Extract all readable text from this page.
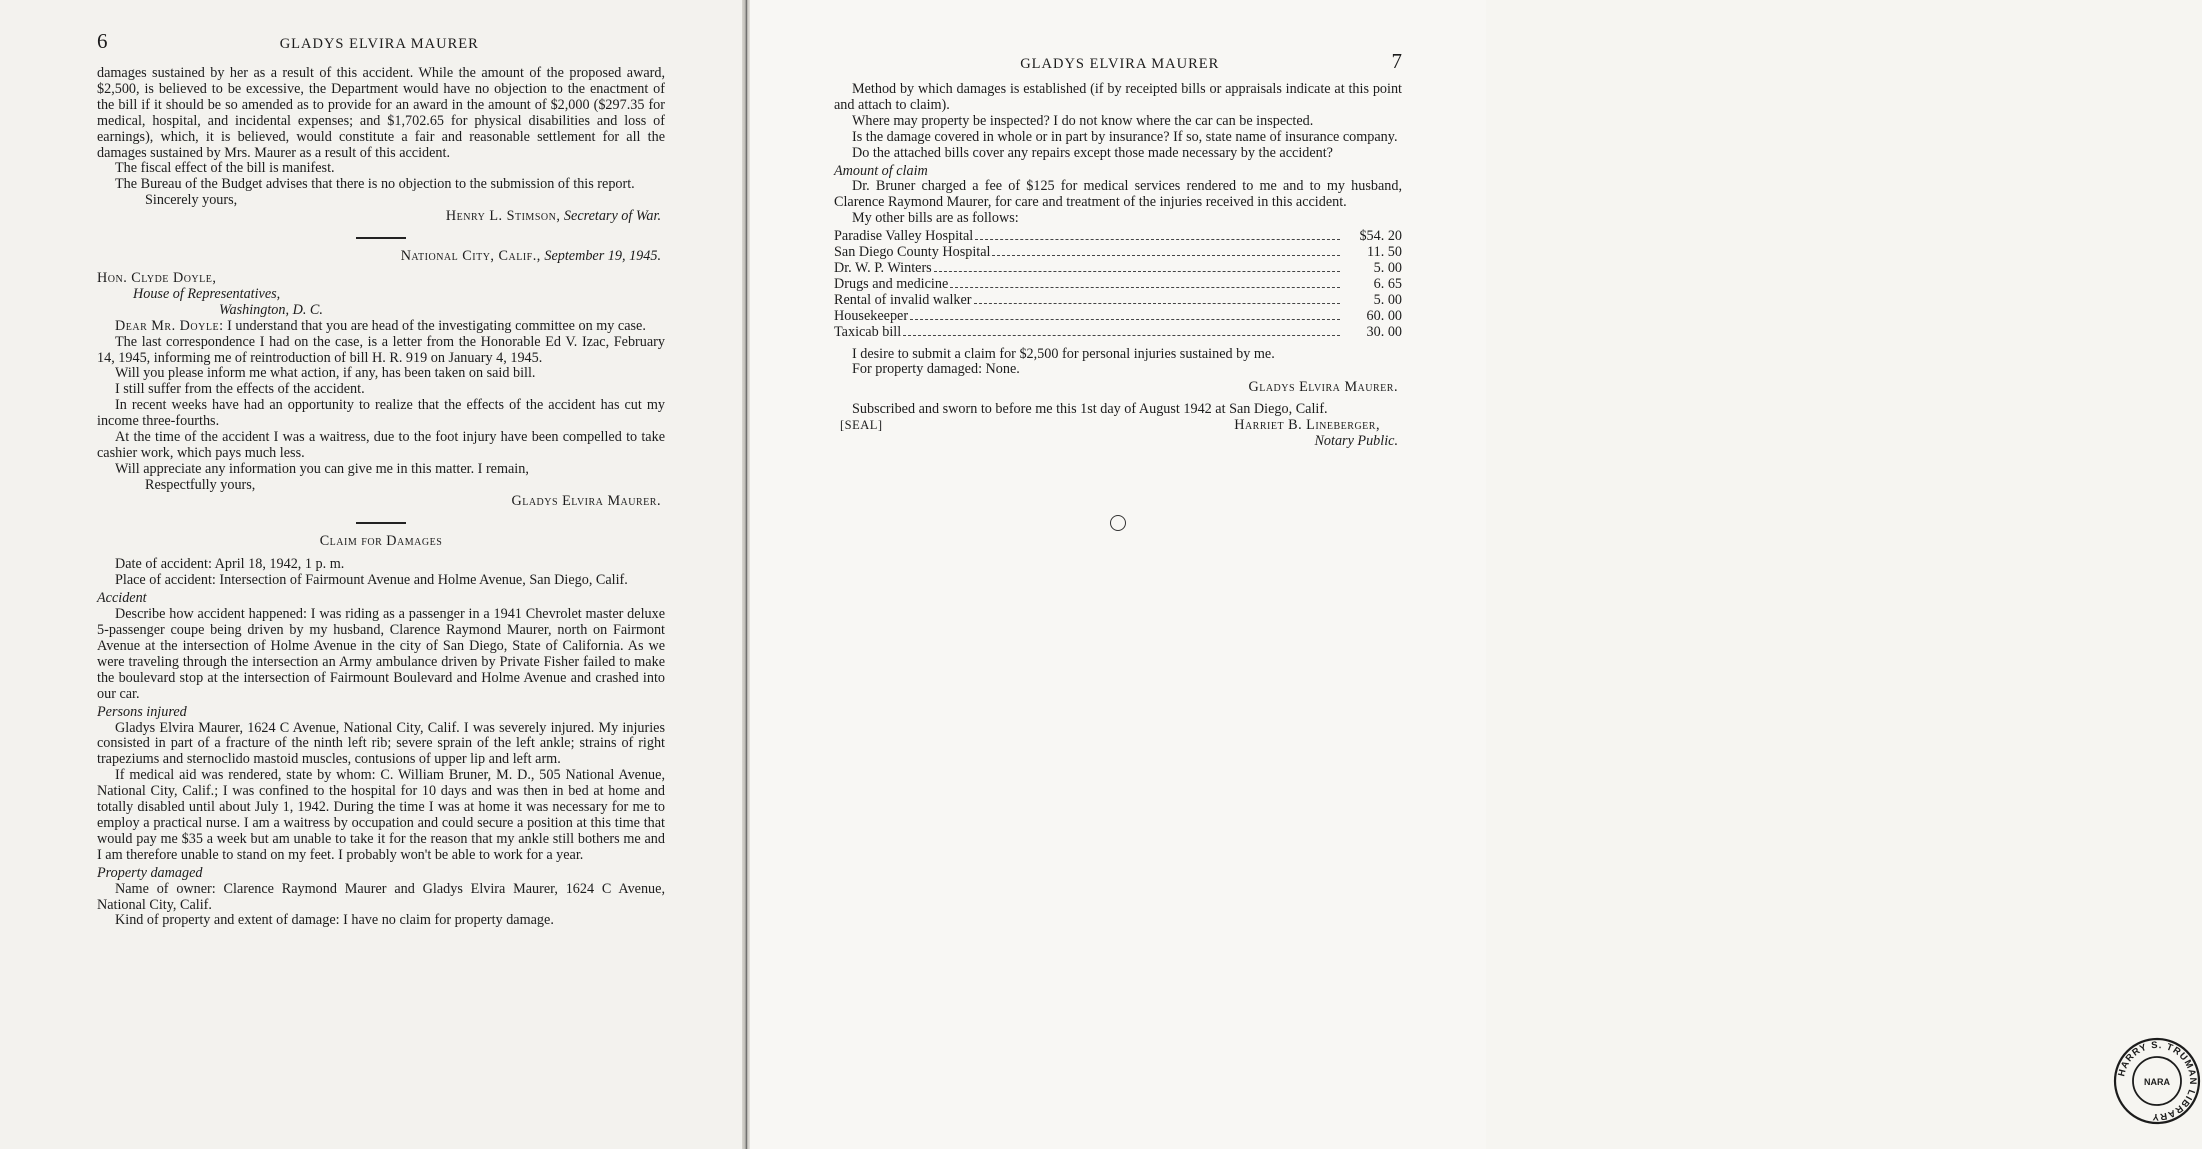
6	GLADYS ELVIRA MAURER

damages sustained by her as a result of this accident. While the amount of the proposed award, $2,500, is believed to be excessive, the Department would have no objection to the enactment of the bill if it should be so amended as to provide for an award in the amount of $2,000 ($297.35 for medical, hospital, and incidental expenses; and $1,702.65 for physical disabilities and loss of earnings), which, it is believed, would constitute a fair and reasonable settlement for all the damages sustained by Mrs. Maurer as a result of this accident.

The fiscal effect of the bill is manifest.

The Bureau of the Budget advises that there is no objection to the submission of this report.

Sincerely yours,

Henry L. Stimson, Secretary of War.

National City, Calif., September 19, 1945.

Hon. Clyde Doyle,

House of Representatives,

Washington, D. C.

Dear Mr. Doyle: I understand that you are head of the investigating committee on my case.

The last correspondence I had on the case, is a letter from the Honorable Ed V. Izac, February 14, 1945, informing me of reintroduction of bill H. R. 919 on January 4, 1945.

Will you please inform me what action, if any, has been taken on said bill.

I still suffer from the effects of the accident.

In recent weeks have had an opportunity to realize that the effects of the accident has cut my income three-fourths.

At the time of the accident I was a waitress, due to the foot injury have been compelled to take cashier work, which pays much less.

Will appreciate any information you can give me in this matter. I remain,

Respectfully yours,

Gladys Elvira Maurer.

Claim for Damages

Date of accident: April 18, 1942, 1 p. m.

Place of accident: Intersection of Fairmount Avenue and Holme Avenue, San Diego, Calif.

Accident

Describe how accident happened: I was riding as a passenger in a 1941 Chevrolet master deluxe 5-passenger coupe being driven by my husband, Clarence Raymond Maurer, north on Fairmont Avenue at the intersection of Holme Avenue in the city of San Diego, State of California. As we were traveling through the intersection an Army ambulance driven by Private Fisher failed to make the boulevard stop at the intersection of Fairmount Boulevard and Holme Avenue and crashed into our car.

Persons injured

Gladys Elvira Maurer, 1624 C Avenue, National City, Calif. I was severely injured. My injuries consisted in part of a fracture of the ninth left rib; severe sprain of the left ankle; strains of right trapeziums and sternoclido mastoid muscles, contusions of upper lip and left arm.

If medical aid was rendered, state by whom: C. William Bruner, M. D., 505 National Avenue, National City, Calif.; I was confined to the hospital for 10 days and was then in bed at home and totally disabled until about July 1, 1942. During the time I was at home it was necessary for me to employ a practical nurse. I am a waitress by occupation and could secure a position at this time that would pay me $35 a week but am unable to take it for the reason that my ankle still bothers me and I am therefore unable to stand on my feet. I probably won't be able to work for a year.

Property damaged

Name of owner: Clarence Raymond Maurer and Gladys Elvira Maurer, 1624 C Avenue, National City, Calif.

Kind of property and extent of damage: I have no claim for property damage.

GLADYS ELVIRA MAURER	7

Method by which damages is established (if by receipted bills or appraisals indicate at this point and attach to claim).

Where may property be inspected? I do not know where the car can be inspected.

Is the damage covered in whole or in part by insurance? If so, state name of insurance company.

Do the attached bills cover any repairs except those made necessary by the accident?

Amount of claim

Dr. Bruner charged a fee of $125 for medical services rendered to me and to my husband, Clarence Raymond Maurer, for care and treatment of the injuries received in this accident.

My other bills are as follows:

Paradise Valley Hospital	$54. 20
San Diego County Hospital	11. 50
Dr. W. P. Winters	5. 00
Drugs and medicine	6. 65
Rental of invalid walker	5. 00
Housekeeper	60. 00
Taxicab bill	30. 00

I desire to submit a claim for $2,500 for personal injuries sustained by me.

For property damaged: None.

Gladys Elvira Maurer.

Subscribed and sworn to before me this 1st day of August 1942 at San Diego, Calif.

[SEAL]	Harriet B. Lineberger,

Notary Public.

HARRY S. TRUMAN LIBRARY
NARA
